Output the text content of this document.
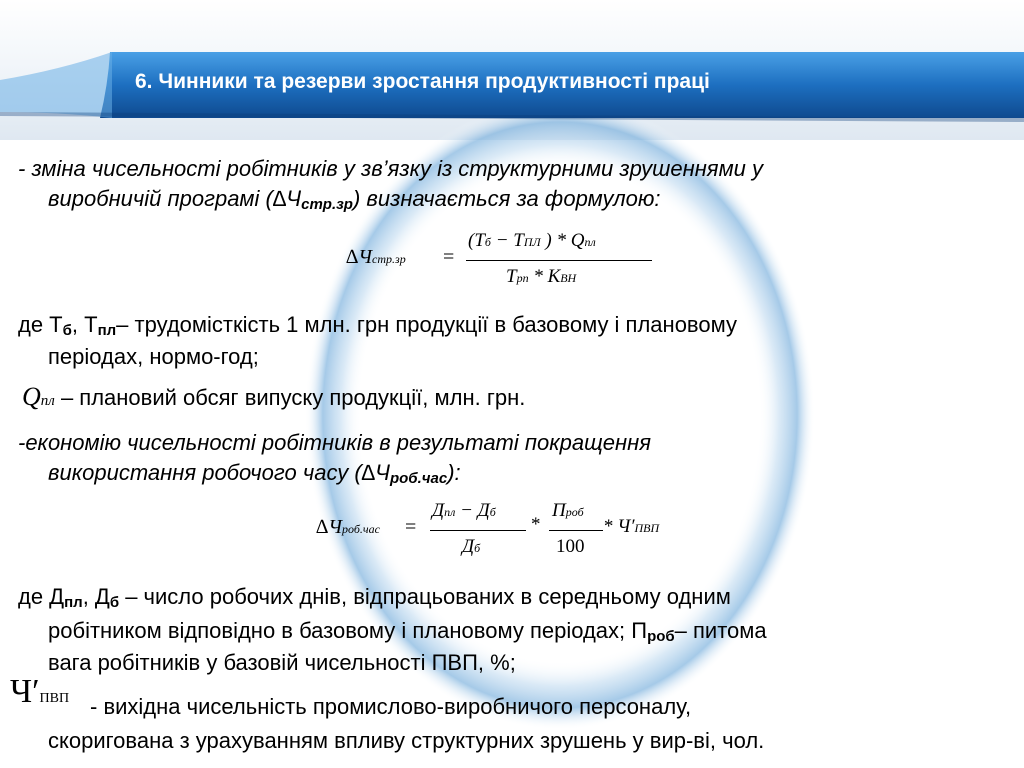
6. Чинники та резерви зростання продуктивності праці
- зміна чисельності робітників у зв’язку із структурними зрушеннями у
виробничій програмі (∆Чстр.зр) визначається за формулою:
∆Чстр.зр =
(Тб − ТПЛ ) * Qпл
Трп * КВН
де Тб, Тпл– трудомісткість 1 млн. грн продукції в базовому і плановому
періодах, нормо-год;
Qпл – плановий обсяг випуску продукції, млн. грн.
-економію чисельності робітників в результаті покращення
використання робочого часу (∆Чроб.час):
∆Чроб.час =
Дпл − Дб
Дб
*
Проб
100
* Ч′ПВП
де Дпл, Дб – число робочих днів, відпрацьованих в середньому одним
робітником відповідно в базовому і плановому періодах; Проб– питома
вага робітників у базовій чисельності ПВП, %;
Ч′ПВП - вихідна чисельність промислово-виробничого персоналу,
скоригована з урахуванням впливу структурних зрушень у вир-ві, чол.
